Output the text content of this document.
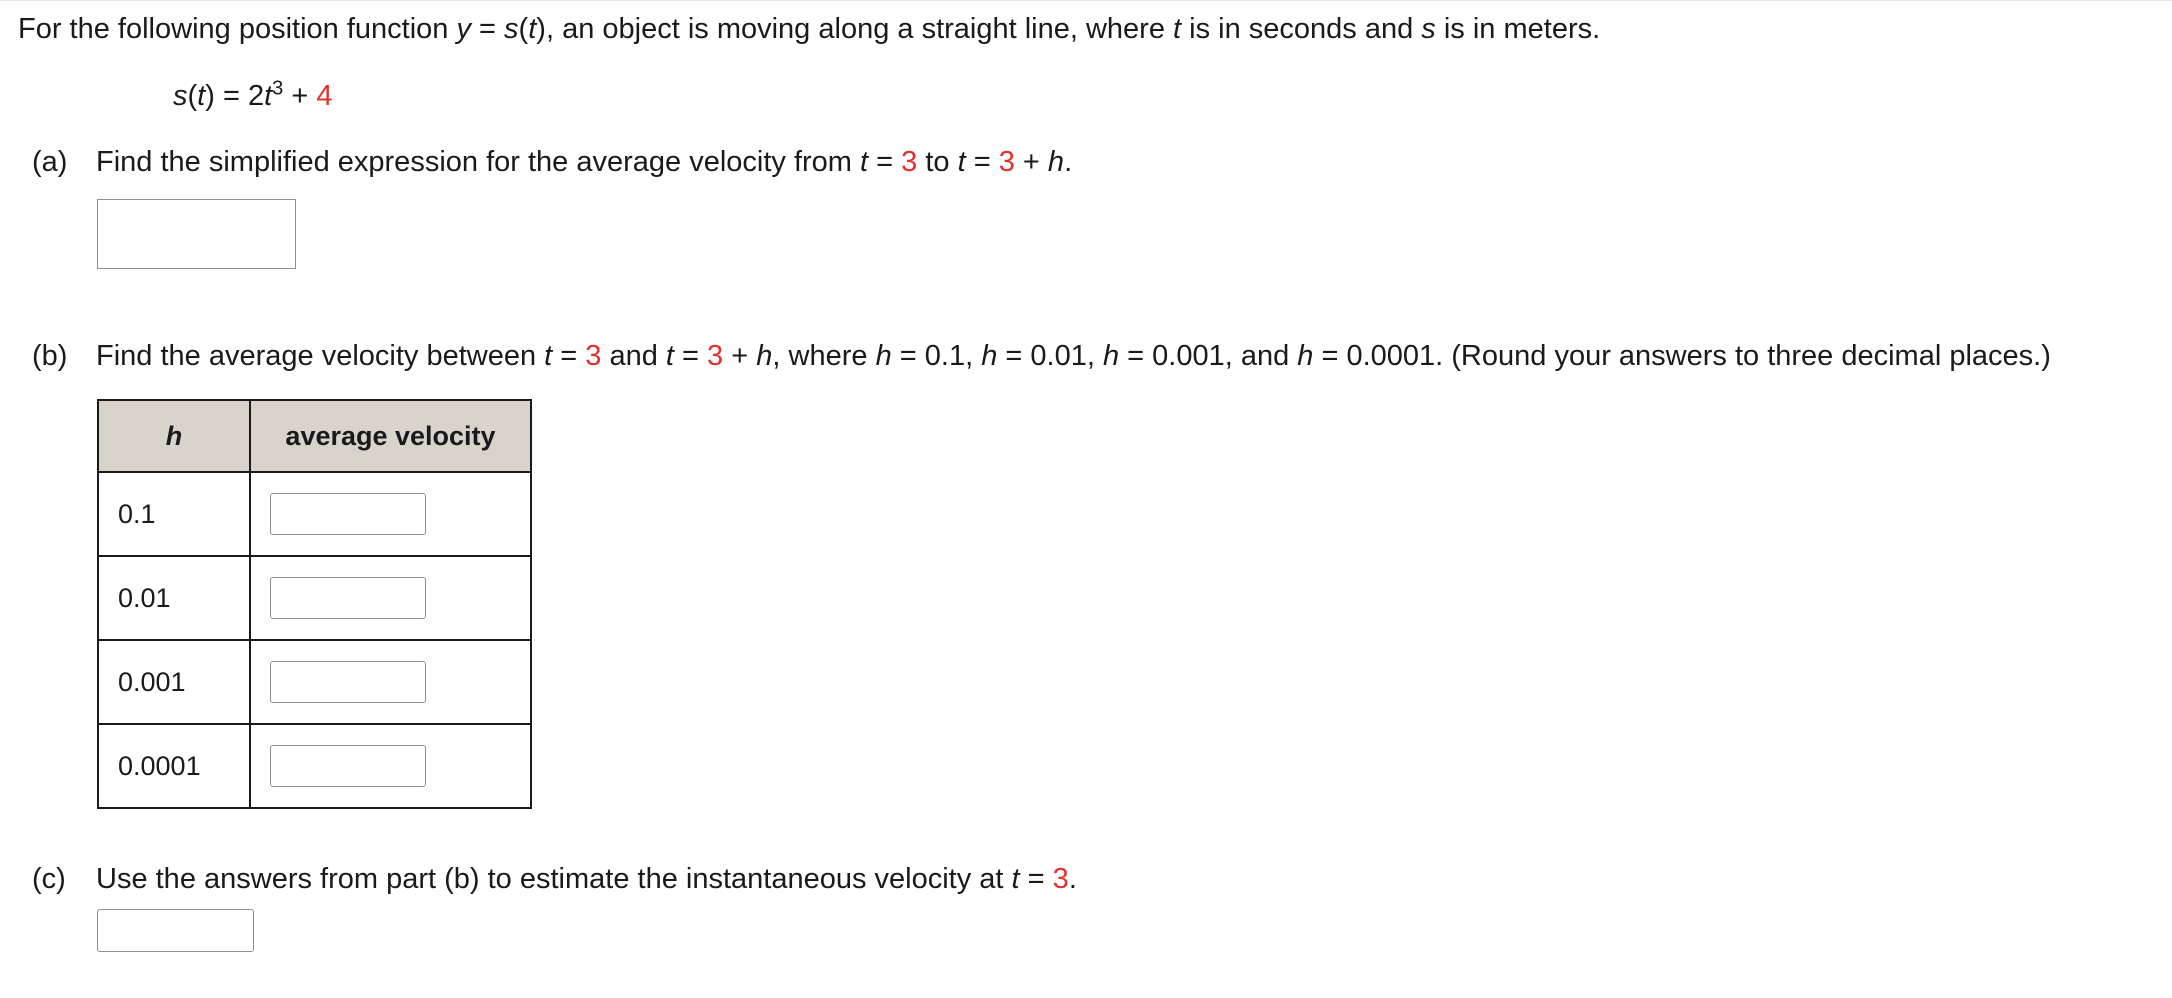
For the following position function y = s(t), an object is moving along a straight line, where t is in seconds and s is in meters.
$s(t) = 2t^3 + 4$
(a) Find the simplified expression for the average velocity from t = 3 to t = 3 + h.
(b) Find the average velocity between t = 3 and t = 3 + h, where h = 0.1, h = 0.01, h = 0.001, and h = 0.0001. (Round your answers to three decimal places.)
h	average velocity
0.1	

0.01	

0.001	

0.0001	
(c) Use the answers from part (b) to estimate the instantaneous velocity at t = 3.
